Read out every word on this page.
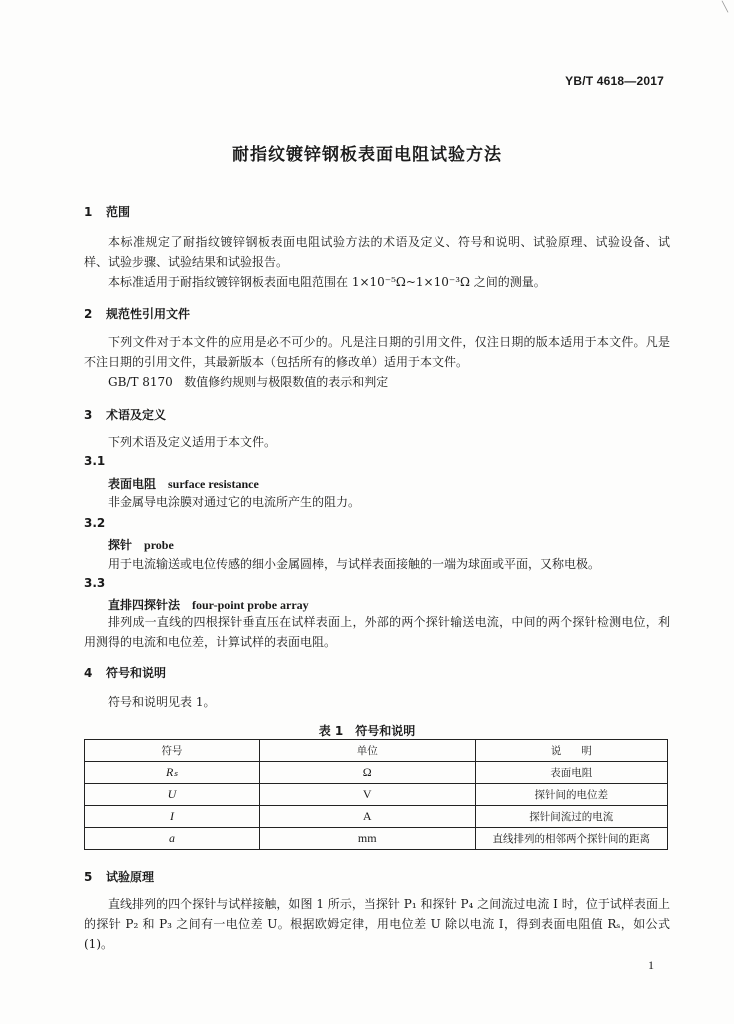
╲
YB/T 4618—2017
耐指纹镀锌钢板表面电阻试验方法
1 范围
本标准规定了耐指纹镀锌钢板表面电阻试验方法的术语及定义、符号和说明、试验原理、试验设备、试样、试验步骤、试验结果和试验报告。
本标准适用于耐指纹镀锌钢板表面电阻范围在 1×10⁻⁵Ω~1×10⁻³Ω 之间的测量。
2 规范性引用文件
下列文件对于本文件的应用是必不可少的。凡是注日期的引用文件，仅注日期的版本适用于本文件。凡是不注日期的引用文件，其最新版本（包括所有的修改单）适用于本文件。
GB/T 8170 数值修约规则与极限数值的表示和判定
3 术语及定义
下列术语及定义适用于本文件。
3.1
表面电阻 surface resistance
非金属导电涂膜对通过它的电流所产生的阻力。
3.2
探针 probe
用于电流输送或电位传感的细小金属圆棒，与试样表面接触的一端为球面或平面，又称电极。
3.3
直排四探针法 four-point probe array
排列成一直线的四根探针垂直压在试样表面上，外部的两个探针输送电流，中间的两个探针检测电位，利用测得的电流和电位差，计算试样的表面电阻。
4 符号和说明
符号和说明见表 1。
表 1 符号和说明
符号	单位	说 明
Rₛ	Ω	表面电阻
U	V	探针间的电位差
I	A	探针间流过的电流
a	mm	直线排列的相邻两个探针间的距离
5 试验原理
直线排列的四个探针与试样接触，如图 1 所示，当探针 P₁ 和探针 P₄ 之间流过电流 I 时，位于试样表面上的探针 P₂ 和 P₃ 之间有一电位差 U。根据欧姆定律，用电位差 U 除以电流 I，得到表面电阻值 Rₛ，如公式(1)。
1
